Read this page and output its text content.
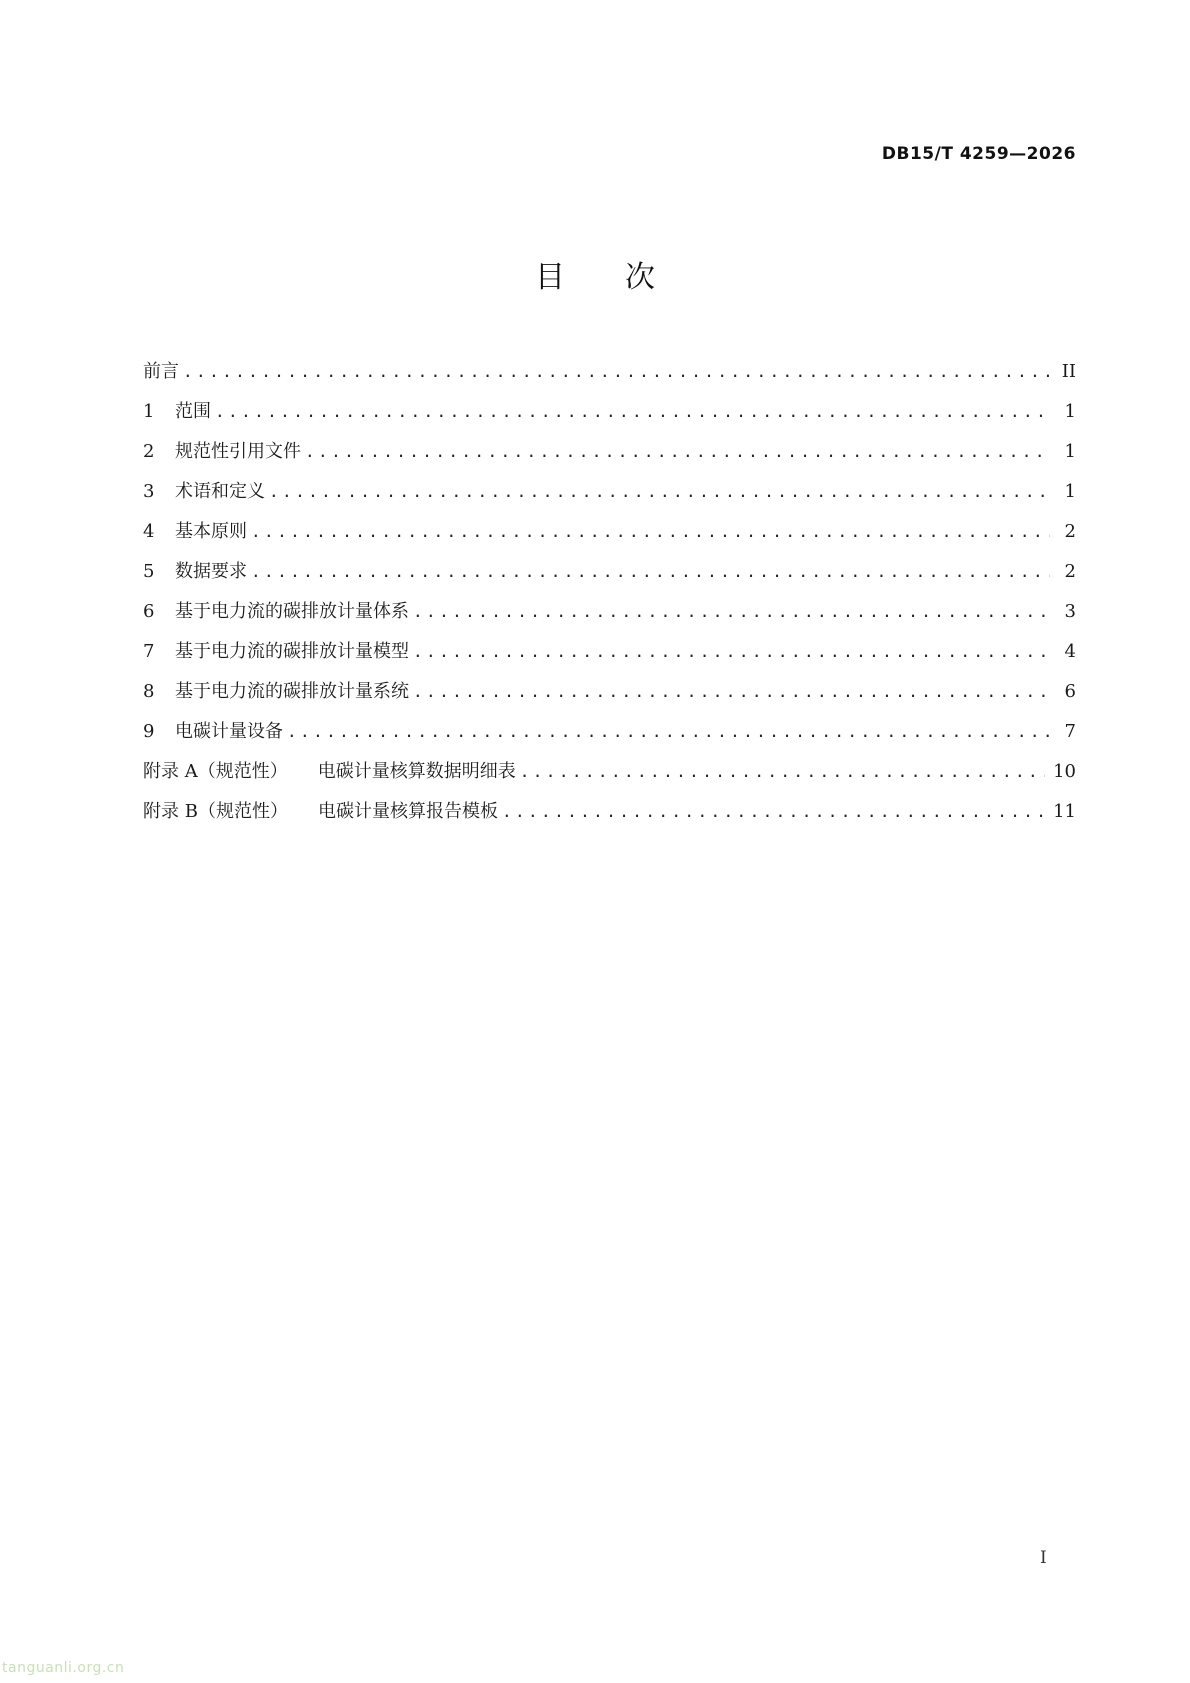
DB15/T 4259—2026
目 次
前言 .....	II
1	范围 .....	1
2	规范性引用文件 .....	1
3	术语和定义 .....	1
4	基本原则 .....	2
5	数据要求 .....	2
6	基于电力流的碳排放计量体系 .....	3
7	基于电力流的碳排放计量模型 .....	4
8	基于电力流的碳排放计量系统 .....	6
9	电碳计量设备 .....	7
附录 A（规范性）	电碳计量核算数据明细表 .....	10
附录 B（规范性）	电碳计量核算报告模板 .....	11
I
tanguanli.org.cn
